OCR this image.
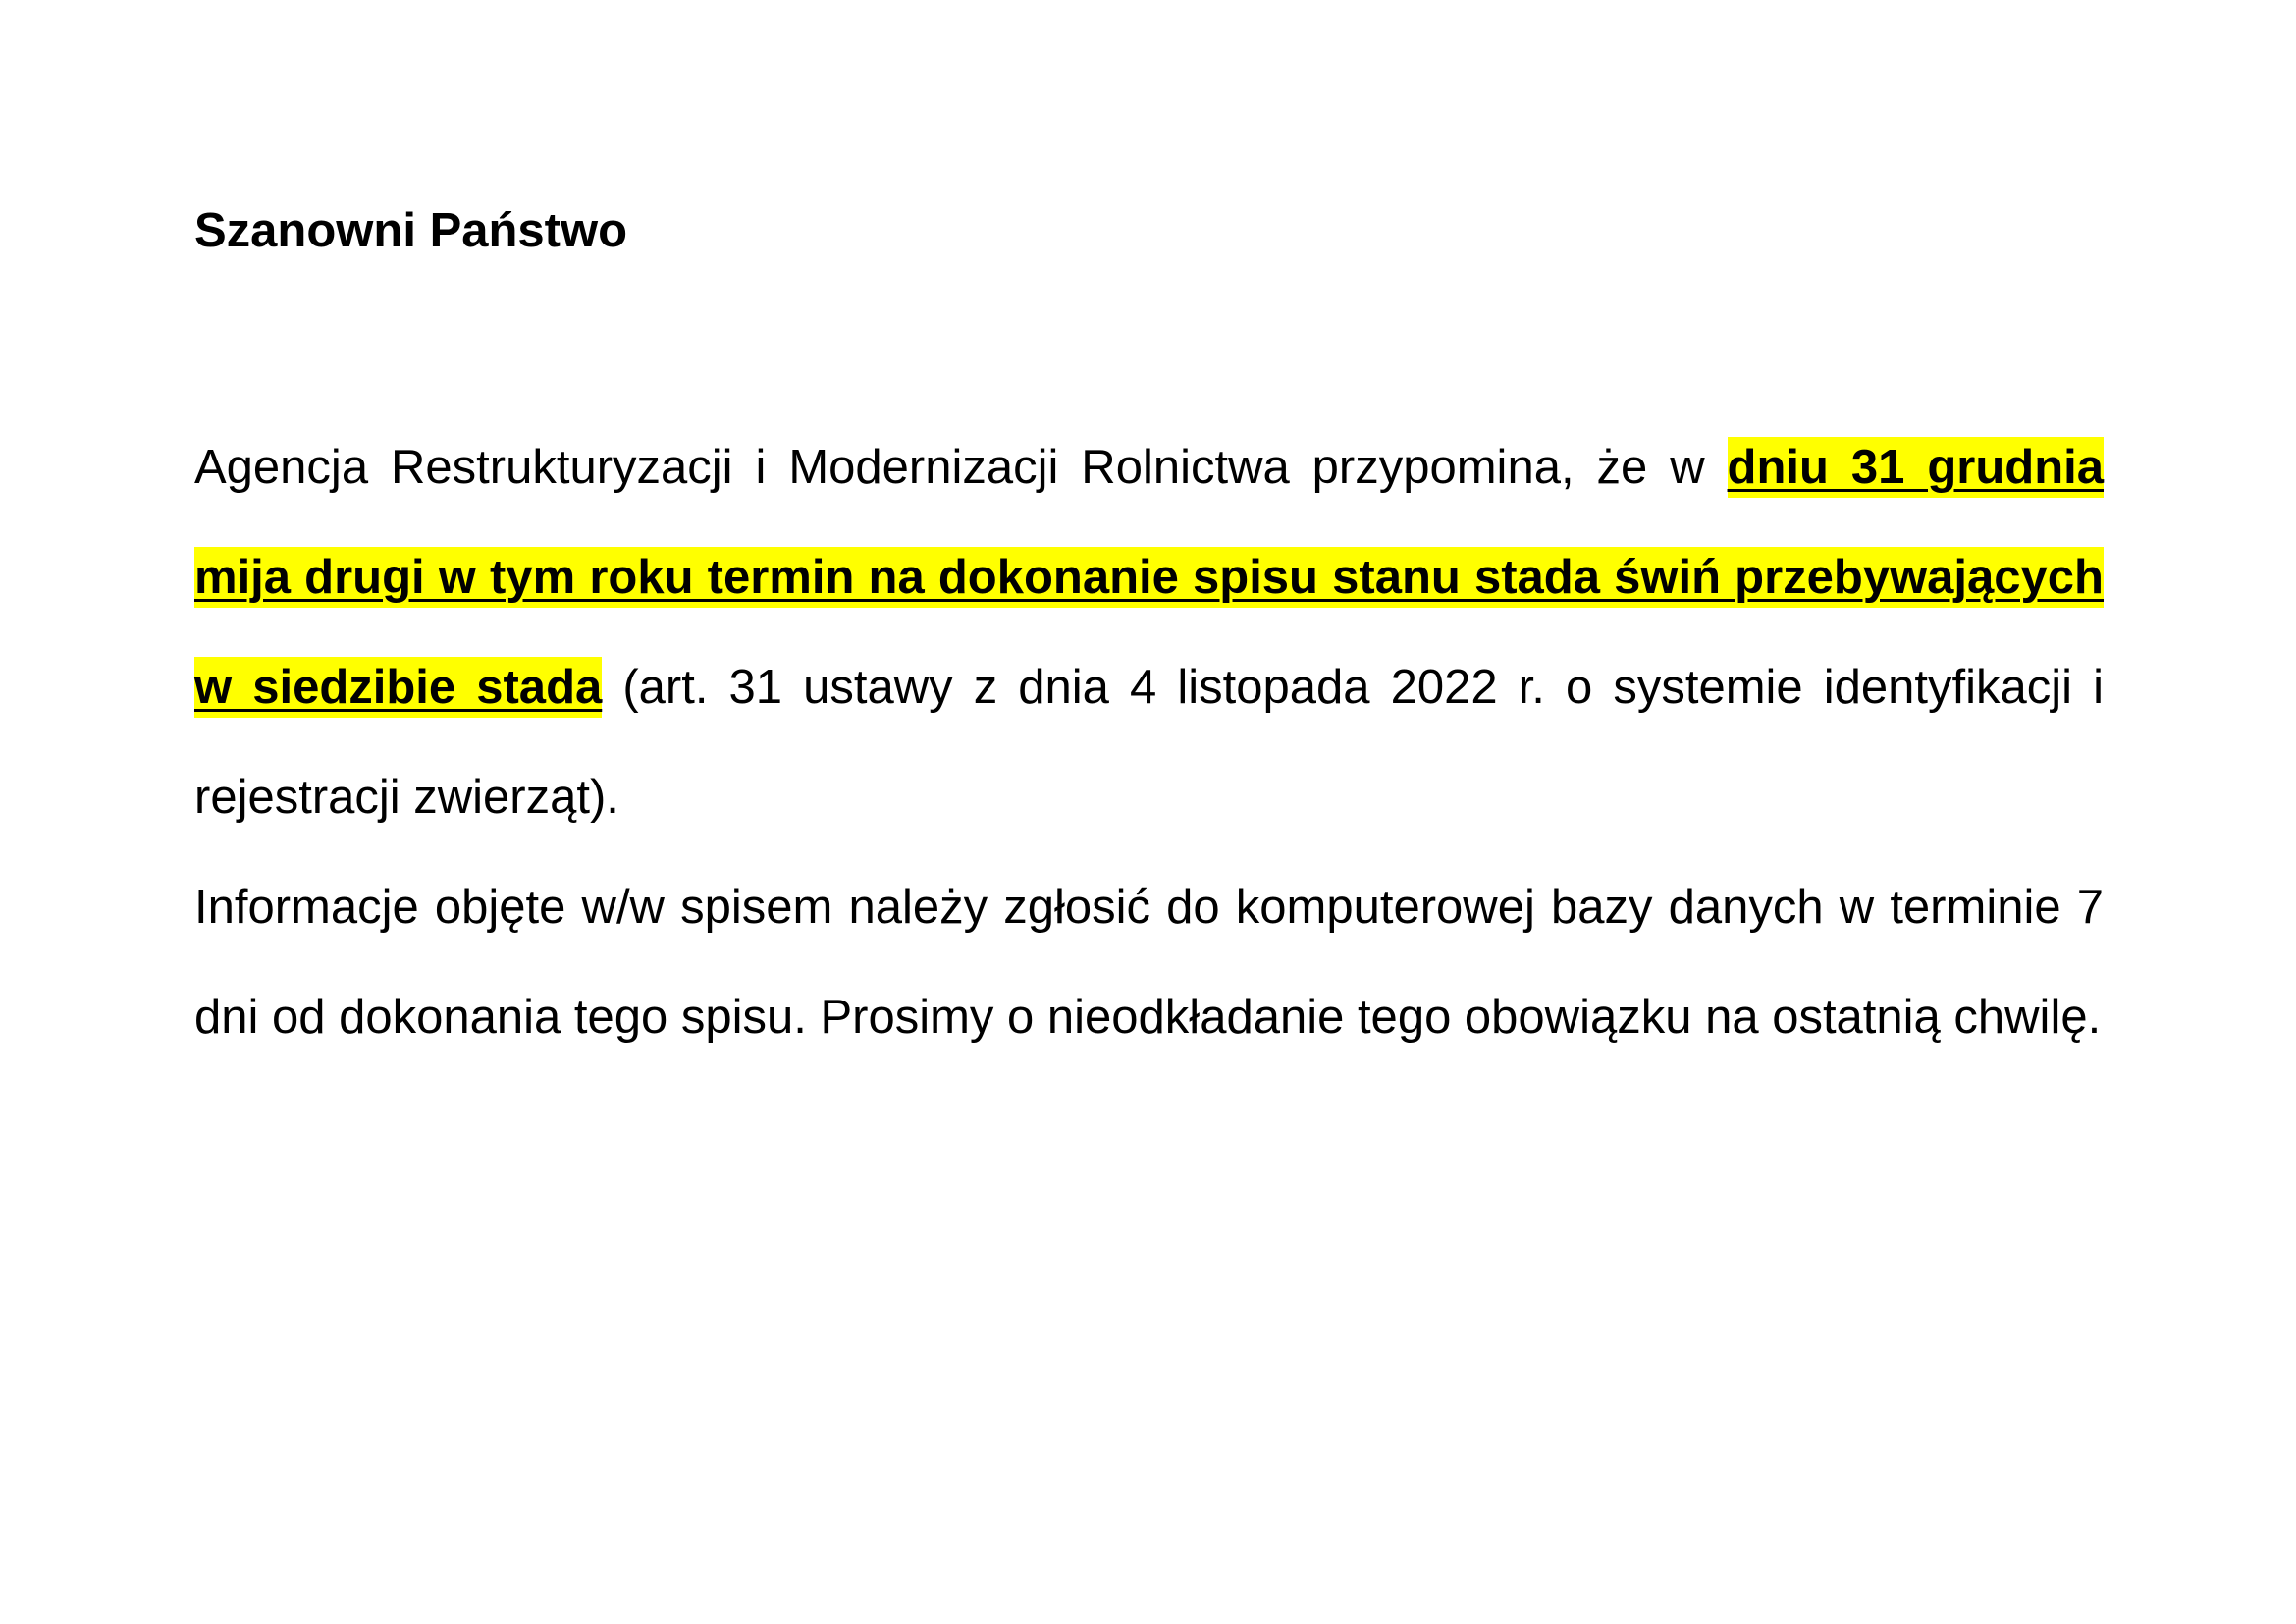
Szanowni Państwo

Agencja Restrukturyzacji i Modernizacji Rolnictwa przypomina, że w dniu 31 grudnia mija drugi w tym roku termin na dokonanie spisu stanu stada świń przebywających w siedzibie stada (art. 31 ustawy z dnia 4 listopada 2022 r. o systemie identyfikacji i rejestracji zwierząt).

Informacje objęte w/w spisem należy zgłosić do komputerowej bazy danych w terminie 7 dni od dokonania tego spisu. Prosimy o nieodkładanie tego obowiązku na ostatnią chwilę.
